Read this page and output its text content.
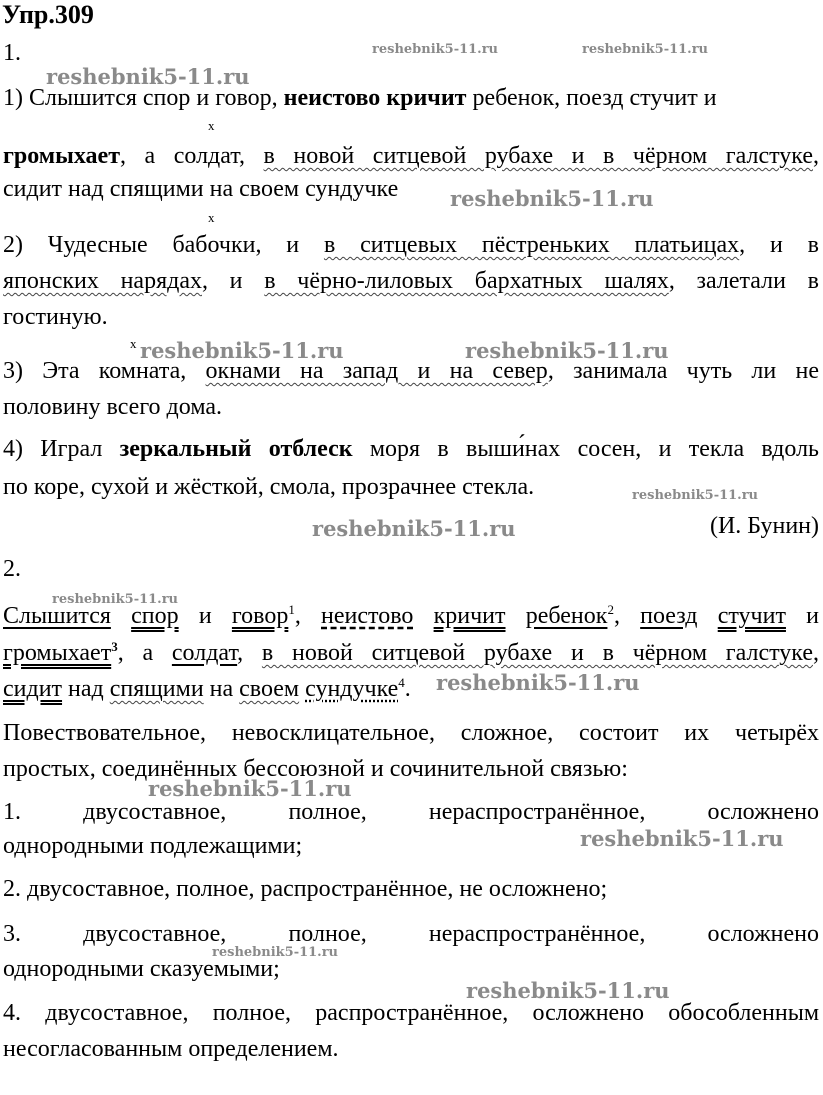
Упр.309
1.
1) Слышится спор и говор, неистово кричит ребенок, поезд стучит и
x
громыхает, а солдат, в новой ситцевой рубахе и в чёрном галстуке,
сидит над спящими на своем сундучке
x
2) Чудесные бабочки, и в ситцевых пёстреньких платьицах, и в
японских нарядах, и в чёрно-лиловых бархатных шалях, залетали в
гостиную.
x
3) Эта комната, окнами на запад и на север, занимала чуть ли не
половину всего дома.
4) Играл зеркальный отблеск моря в выши́нах сосен, и текла вдоль
по коре, сухой и жёсткой, смола, прозрачнее стекла.
(И. Бунин)
2.
Слышится спор и говор$^1$, неистово кричит ребенок$^2$, поезд стучит и
громыхает$^3$, а солдат, в новой ситцевой рубахе и в чёрном галстуке,
сидит над спящими на своем сундучке$^4$.
Повествовательное, невосклицательное, сложное, состоит их четырёх
простых, соединённых бессоюзной и сочинительной связью:
1. двусоставное, полное, нераспространённое, осложнено
однородными подлежащими;
2. двусоставное, полное, распространённое, не осложнено;
3. двусоставное, полное, нераспространённое, осложнено
однородными сказуемыми;
4. двусоставное, полное, распространённое, осложнено обособленным
несогласованным определением.
reshebnik5-11.ru	reshebnik5-11.ru
reshebnik5-11.ru
reshebnik5-11.ru
reshebnik5-11.ru	reshebnik5-11.ru
reshebnik5-11.ru
reshebnik5-11.ru
reshebnik5-11.ru
reshebnik5-11.ru
reshebnik5-11.ru
reshebnik5-11.ru
reshebnik5-11.ru
reshebnik5-11.ru
